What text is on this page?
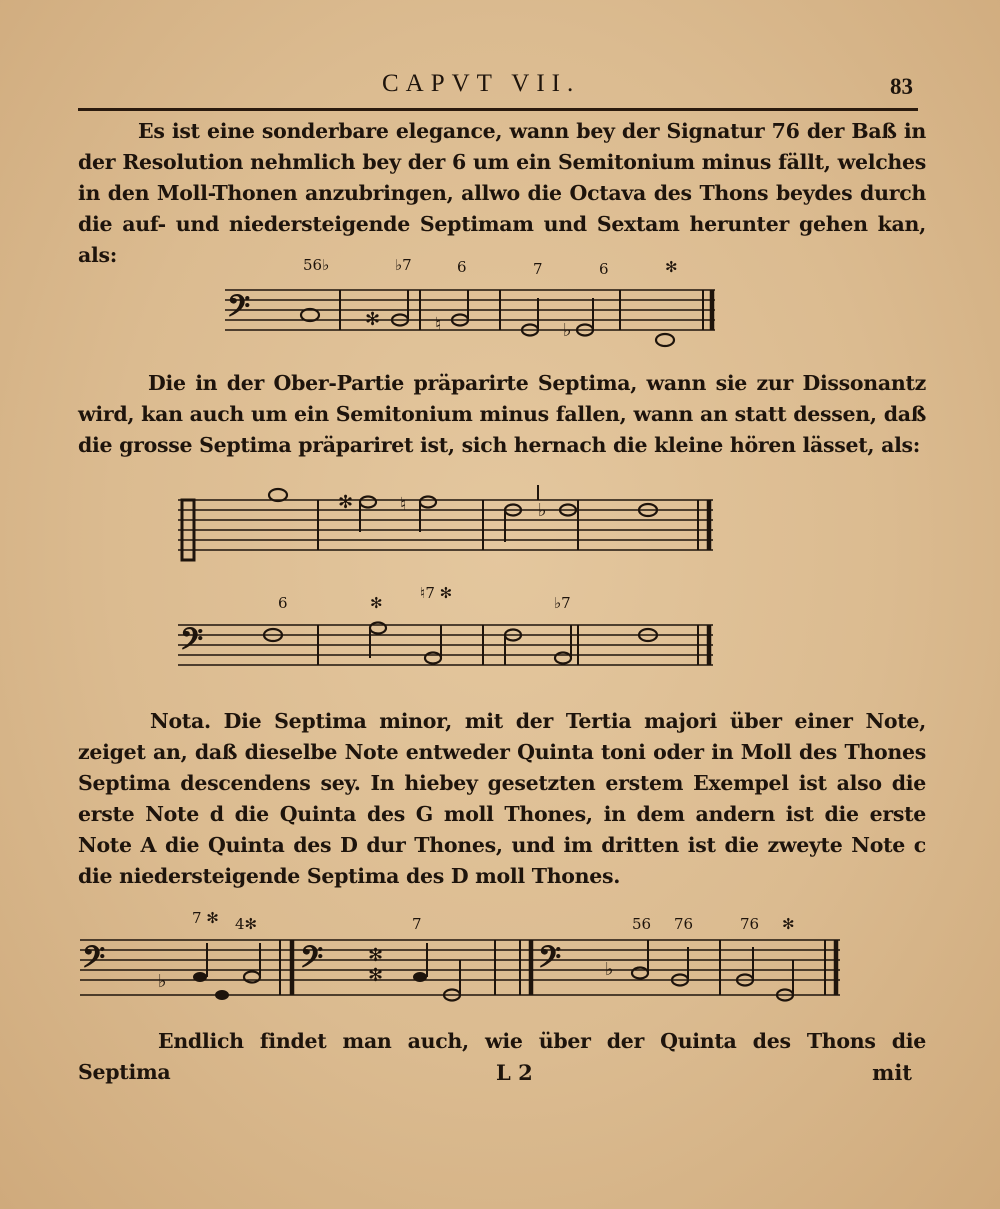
CAPVT VII.	83

Es ist eine sonderbare elegance, wann bey der Signatur 76 der Baß in der Resolution nehmlich bey der 6 um ein Semitonium minus fällt, welches in den Moll-Thonen anzubringen, allwo die Octava des Thons beydes durch die auf- und niedersteigende Septimam und Sextam herunter gehen kan, als:	56♭	♭7	6	7	6	✻
𝄢	✻	♮	♭

Die in der Ober-Partie präparirte Septima, wann sie zur Dissonantz wird, kan auch um ein Semitonium minus fallen, wann an statt dessen, daß die grosse Septima präpariret ist, sich hernach die kleine hören lässet, als:

✻	♮	♭
6	✻
♮7 ✻
♭7
𝄢

Nota. Die Septima minor, mit der Tertia majori über einer Note, zeiget an, daß dieselbe Note entweder Quinta toni oder in Moll des Thones Septima descendens sey. In hiebey gesetzten erstem Exempel ist also die erste Note d die Quinta des G moll Thones, in dem andern ist die erste Note A die Quinta des D dur Thones, und im dritten ist die zweyte Note c die niedersteigende Septima des D moll Thones.

7 ✻ 4✻	7	56 76	76 ✻
𝄢	♭	𝄢 ✻
✻	𝄢 ♭

Endlich findet man auch, wie über der Quinta des Thons die Septima	L 2	mit
